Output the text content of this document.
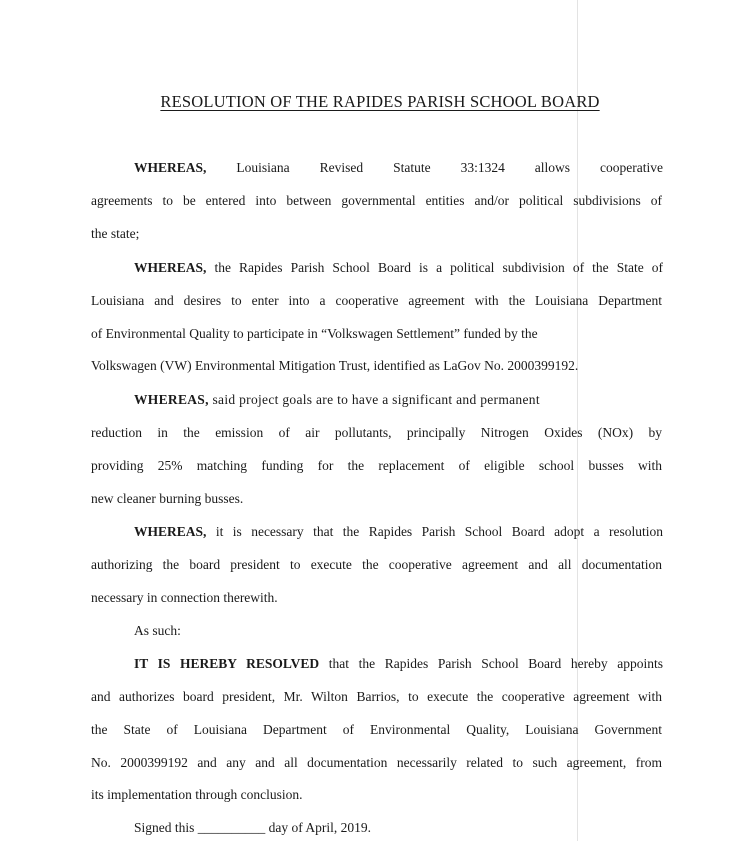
RESOLUTION OF THE RAPIDES PARISH SCHOOL BOARD

WHEREAS, Louisiana Revised Statute 33:1324 allows cooperative

agreements to be entered into between governmental entities and/or political subdivisions of

the state;

WHEREAS, the Rapides Parish School Board is a political subdivision of the State of

Louisiana and desires to enter into a cooperative agreement with the Louisiana Department

of Environmental Quality to participate in “Volkswagen Settlement” funded by the

Volkswagen (VW) Environmental Mitigation Trust, identified as LaGov No. 2000399192.

WHEREAS, said project goals are to have a significant and permanent

reduction in the emission of air pollutants, principally Nitrogen Oxides (NOx) by

providing 25% matching funding for the replacement of eligible school busses with

new cleaner burning busses.

WHEREAS, it is necessary that the Rapides Parish School Board adopt a resolution

authorizing the board president to execute the cooperative agreement and all documentation

necessary in connection therewith.

As such:

IT IS HEREBY RESOLVED that the Rapides Parish School Board hereby appoints

and authorizes board president, Mr. Wilton Barrios, to execute the cooperative agreement with

the State of Louisiana Department of Environmental Quality, Louisiana Government

No. 2000399192 and any and all documentation necessarily related to such agreement, from

its implementation through conclusion.

Signed this __________ day of April, 2019.
